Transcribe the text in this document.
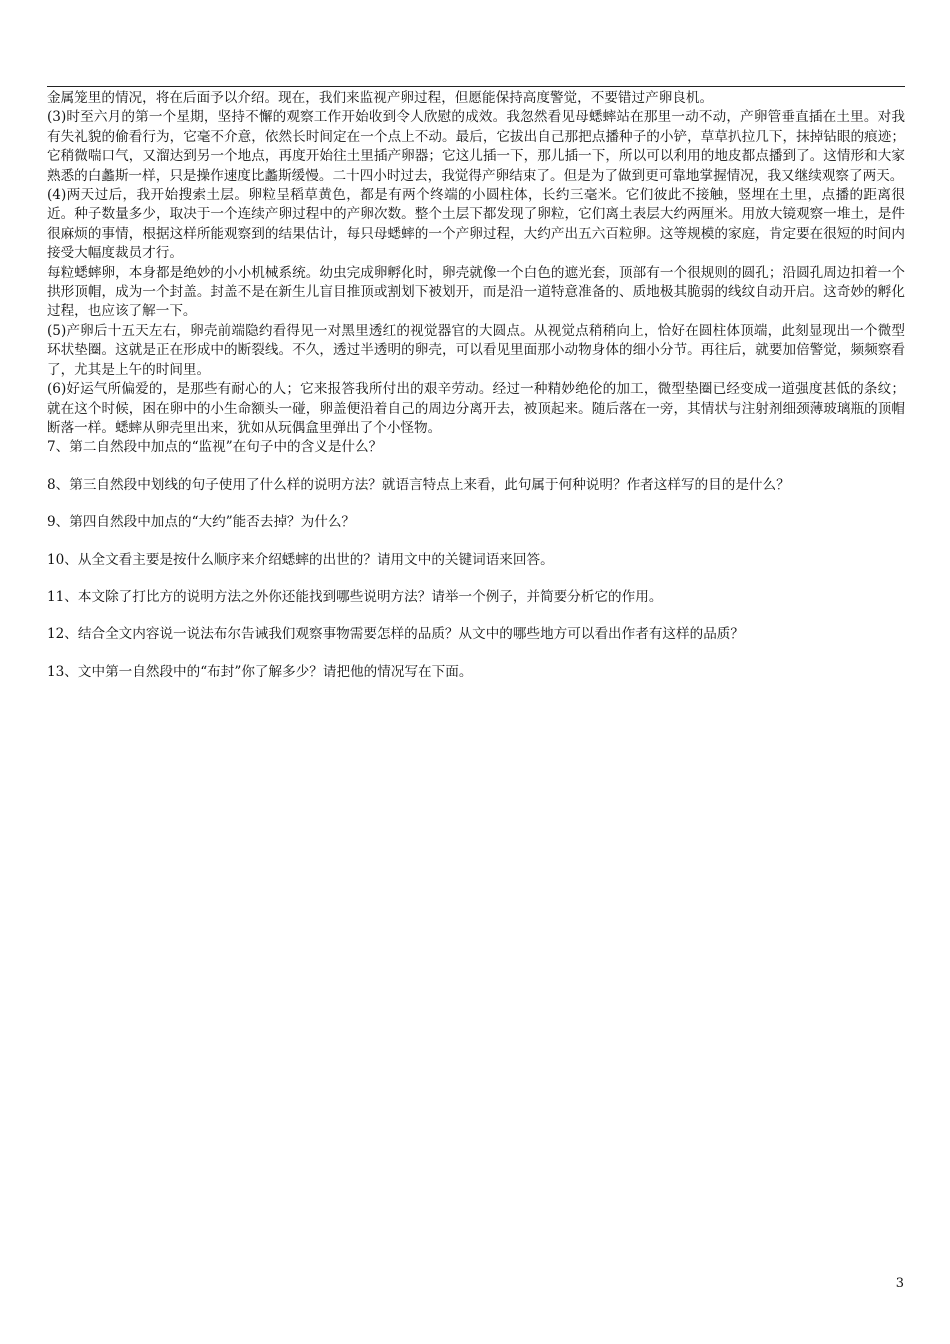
金属笼里的情况，将在后面予以介绍。现在，我们来监视产卵过程，但愿能保持高度警觉，不要错过产卵良机。

(3)时至六月的第一个星期，坚持不懈的观察工作开始收到令人欣慰的成效。我忽然看见母蟋蟀站在那里一动不动，产卵管垂直插在土里。对我有失礼貌的偷看行为，它毫不介意，依然长时间定在一个点上不动。最后，它拔出自己那把点播种子的小铲，草草扒拉几下，抹掉钻眼的痕迹；它稍微喘口气，又溜达到另一个地点，再度开始往土里插产卵器；它这儿插一下，那儿插一下，所以可以利用的地皮都点播到了。这情形和大家熟悉的白蠡斯一样，只是操作速度比蠡斯缓慢。二十四小时过去，我觉得产卵结束了。但是为了做到更可靠地掌握情况，我又继续观察了两天。

(4)两天过后，我开始搜索土层。卵粒呈稻草黄色，都是有两个终端的小圆柱体，长约三毫米。它们彼此不接触，竖埋在土里，点播的距离很近。种子数量多少，取决于一个连续产卵过程中的产卵次数。整个土层下都发现了卵粒，它们离土表层大约两厘米。用放大镜观察一堆土，是件很麻烦的事情，根据这样所能观察到的结果估计，每只母蟋蟀的一个产卵过程，大约产出五六百粒卵。这等规模的家庭，肯定要在很短的时间内接受大幅度裁员才行。

每粒蟋蟀卵，本身都是绝妙的小小机械系统。幼虫完成卵孵化时，卵壳就像一个白色的遮光套，顶部有一个很规则的圆孔；沿圆孔周边扣着一个拱形顶帽，成为一个封盖。封盖不是在新生儿盲目推顶或割划下被划开，而是沿一道特意准备的、质地极其脆弱的线纹自动开启。这奇妙的孵化过程，也应该了解一下。

(5)产卵后十五天左右，卵壳前端隐约看得见一对黑里透红的视觉器官的大圆点。从视觉点稍稍向上，恰好在圆柱体顶端，此刻显现出一个微型环状垫圈。这就是正在形成中的断裂线。不久，透过半透明的卵壳，可以看见里面那小动物身体的细小分节。再往后，就要加倍警觉，频频察看了，尤其是上午的时间里。

(6)好运气所偏爱的，是那些有耐心的人；它来报答我所付出的艰辛劳动。经过一种精妙绝伦的加工，微型垫圈已经变成一道强度甚低的条纹；就在这个时候，困在卵中的小生命额头一碰，卵盖便沿着自己的周边分离开去，被顶起来。随后落在一旁，其情状与注射剂细颈薄玻璃瓶的顶帽断落一样。蟋蟀从卵壳里出来，犹如从玩偶盒里弹出了个小怪物。

7、第二自然段中加点的“监视”在句子中的含义是什么？

8、第三自然段中划线的句子使用了什么样的说明方法？就语言特点上来看，此句属于何种说明？作者这样写的目的是什么？

9、第四自然段中加点的“大约”能否去掉？为什么？

10、从全文看主要是按什么顺序来介绍蟋蟀的出世的？请用文中的关键词语来回答。

11、本文除了打比方的说明方法之外你还能找到哪些说明方法？请举一个例子，并简要分析它的作用。

12、结合全文内容说一说法布尔告诫我们观察事物需要怎样的品质？从文中的哪些地方可以看出作者有这样的品质？

13、文中第一自然段中的“布封”你了解多少？请把他的情况写在下面。

3
